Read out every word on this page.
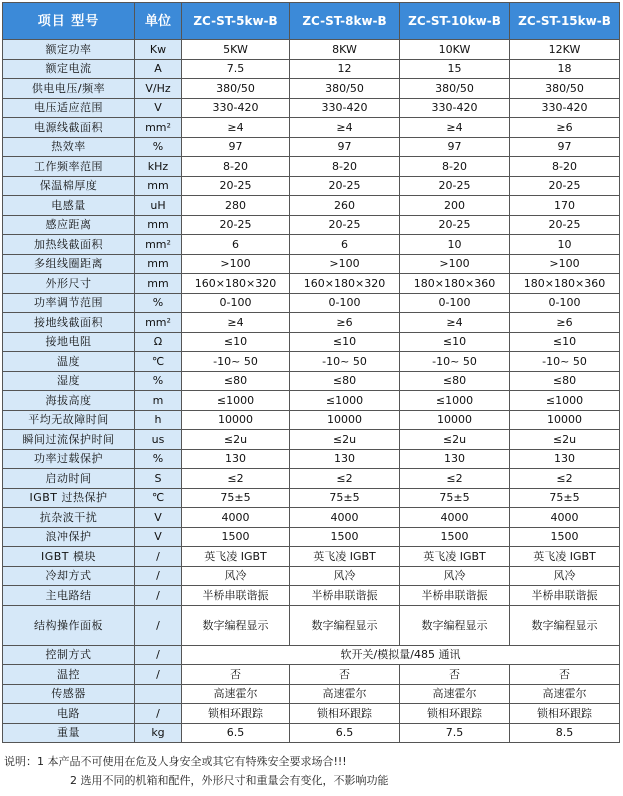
项目 型号	单位	ZC-ST-5kw-B	ZC-ST-8kw-B	ZC-ST-10kw-B	ZC-ST-15kw-B
额定功率	Kw	5KW	8KW	10KW	12KW
额定电流	A	7.5	12	15	18
供电电压/频率	V/Hz	380/50	380/50	380/50	380/50
电压适应范围	V	330-420	330-420	330-420	330-420
电源线截面积	mm²	≥4	≥4	≥4	≥6
热效率	%	97	97	97	97
工作频率范围	kHz	8-20	8-20	8-20	8-20
保温棉厚度	mm	20-25	20-25	20-25	20-25
电感量	uH	280	260	200	170
感应距离	mm	20-25	20-25	20-25	20-25
加热线截面积	mm²	6	6	10	10
多组线圈距离	mm	>100	>100	>100	>100
外形尺寸	mm	160×180×320	160×180×320	180×180×360	180×180×360
功率调节范围	%	0-100	0-100	0-100	0-100
接地线截面积	mm²	≥4	≥6	≥4	≥6
接地电阻	Ω	≤10	≤10	≤10	≤10
温度	℃	-10~ 50	-10~ 50	-10~ 50	-10~ 50
湿度	%	≤80	≤80	≤80	≤80
海拔高度	m	≤1000	≤1000	≤1000	≤1000
平均无故障时间	h	10000	10000	10000	10000
瞬间过流保护时间	us	≤2u	≤2u	≤2u	≤2u
功率过载保护	%	130	130	130	130
启动时间	S	≤2	≤2	≤2	≤2
IGBT 过热保护	℃	75±5	75±5	75±5	75±5
抗杂波干扰	V	4000	4000	4000	4000
浪冲保护	V	1500	1500	1500	1500
IGBT 模块	/	英飞凌 IGBT	英飞凌 IGBT	英飞凌 IGBT	英飞凌 IGBT
冷却方式	/	风冷	风冷	风冷	风冷
主电路结	/	半桥串联谐振	半桥串联谐振	半桥串联谐振	半桥串联谐振
结构操作面板	/	数字编程显示	数字编程显示	数字编程显示	数字编程显示
控制方式	/	软开关/模拟量/485 通讯			
温控	/	否	否	否	否
传感器		高速霍尔	高速霍尔	高速霍尔	高速霍尔
电路	/	锁相环跟踪	锁相环跟踪	锁相环跟踪	锁相环跟踪
重量	kg	6.5	6.5	7.5	8.5
说明：1 本产品不可使用在危及人身安全或其它有特殊安全要求场合!!!
2 选用不同的机箱和配件，外形尺寸和重量会有变化，不影响功能
